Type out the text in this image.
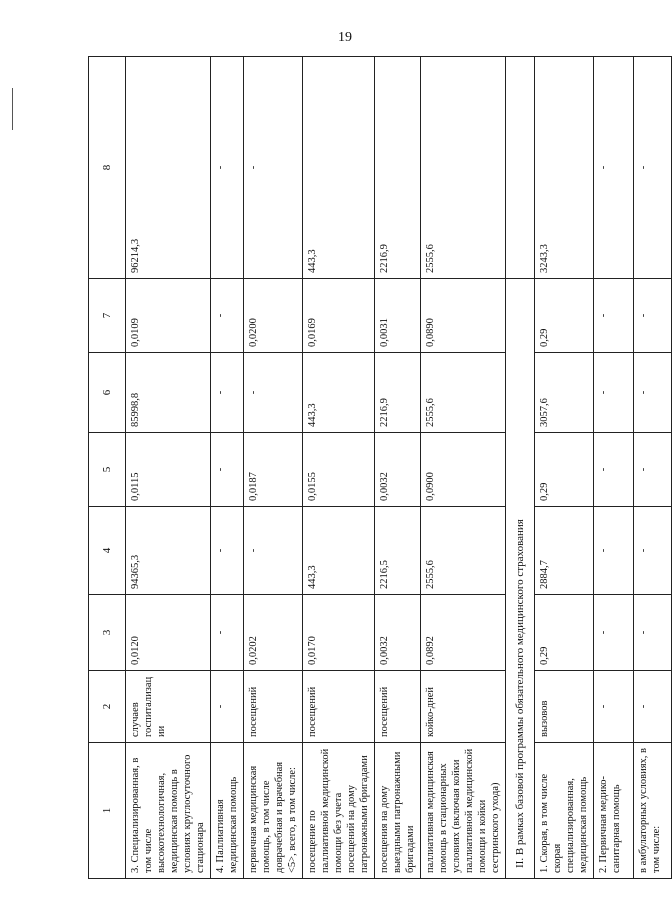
19
1	2	3	4	5	6	7	8
3. Специализированная, в том числе высокотехнологичная, медицинская помощь в условиях круглосуточного стационара	случаев госпитализации	0,0120	94365,3	0,0115	85998,8	0,0109	96214,3
4. Паллиативная медицинская помощь	-	-	-	-	-	-	-
первичная медицинская помощь, в том числе доврачебная и врачебная <5>, всего, в том числе:	посещений	0,0202	-	0,0187	-	0,0200	-
посещение по паллиативной медицинской помощи без учета посещений на дому патронажными бригадами	посещений	0,0170	443,3	0,0155	443,3	0,0169	443,3
посещения на дому выездными патронажными бригадами	посещений	0,0032	2216,5	0,0032	2216,9	0,0031	2216,9
паллиативная медицинская помощь в стационарных условиях (включая койки паллиативной медицинской помощи и койки сестринского ухода)	койко-дней	0,0892	2555,6	0,0900	2555,6	0,0890	2555,6
II. В рамках базовой программы обязательного медицинского страхования							
1. Скорая, в том числе скорая специализированная, медицинская помощь	вызовов	0,29	2884,7	0,29	3057,6	0,29	3243,3
2. Первичная медико-санитарная помощь	-	-	-	-	-	-	-
в амбулаторных условиях, в том числе:	-	-	-	-	-	-	-
